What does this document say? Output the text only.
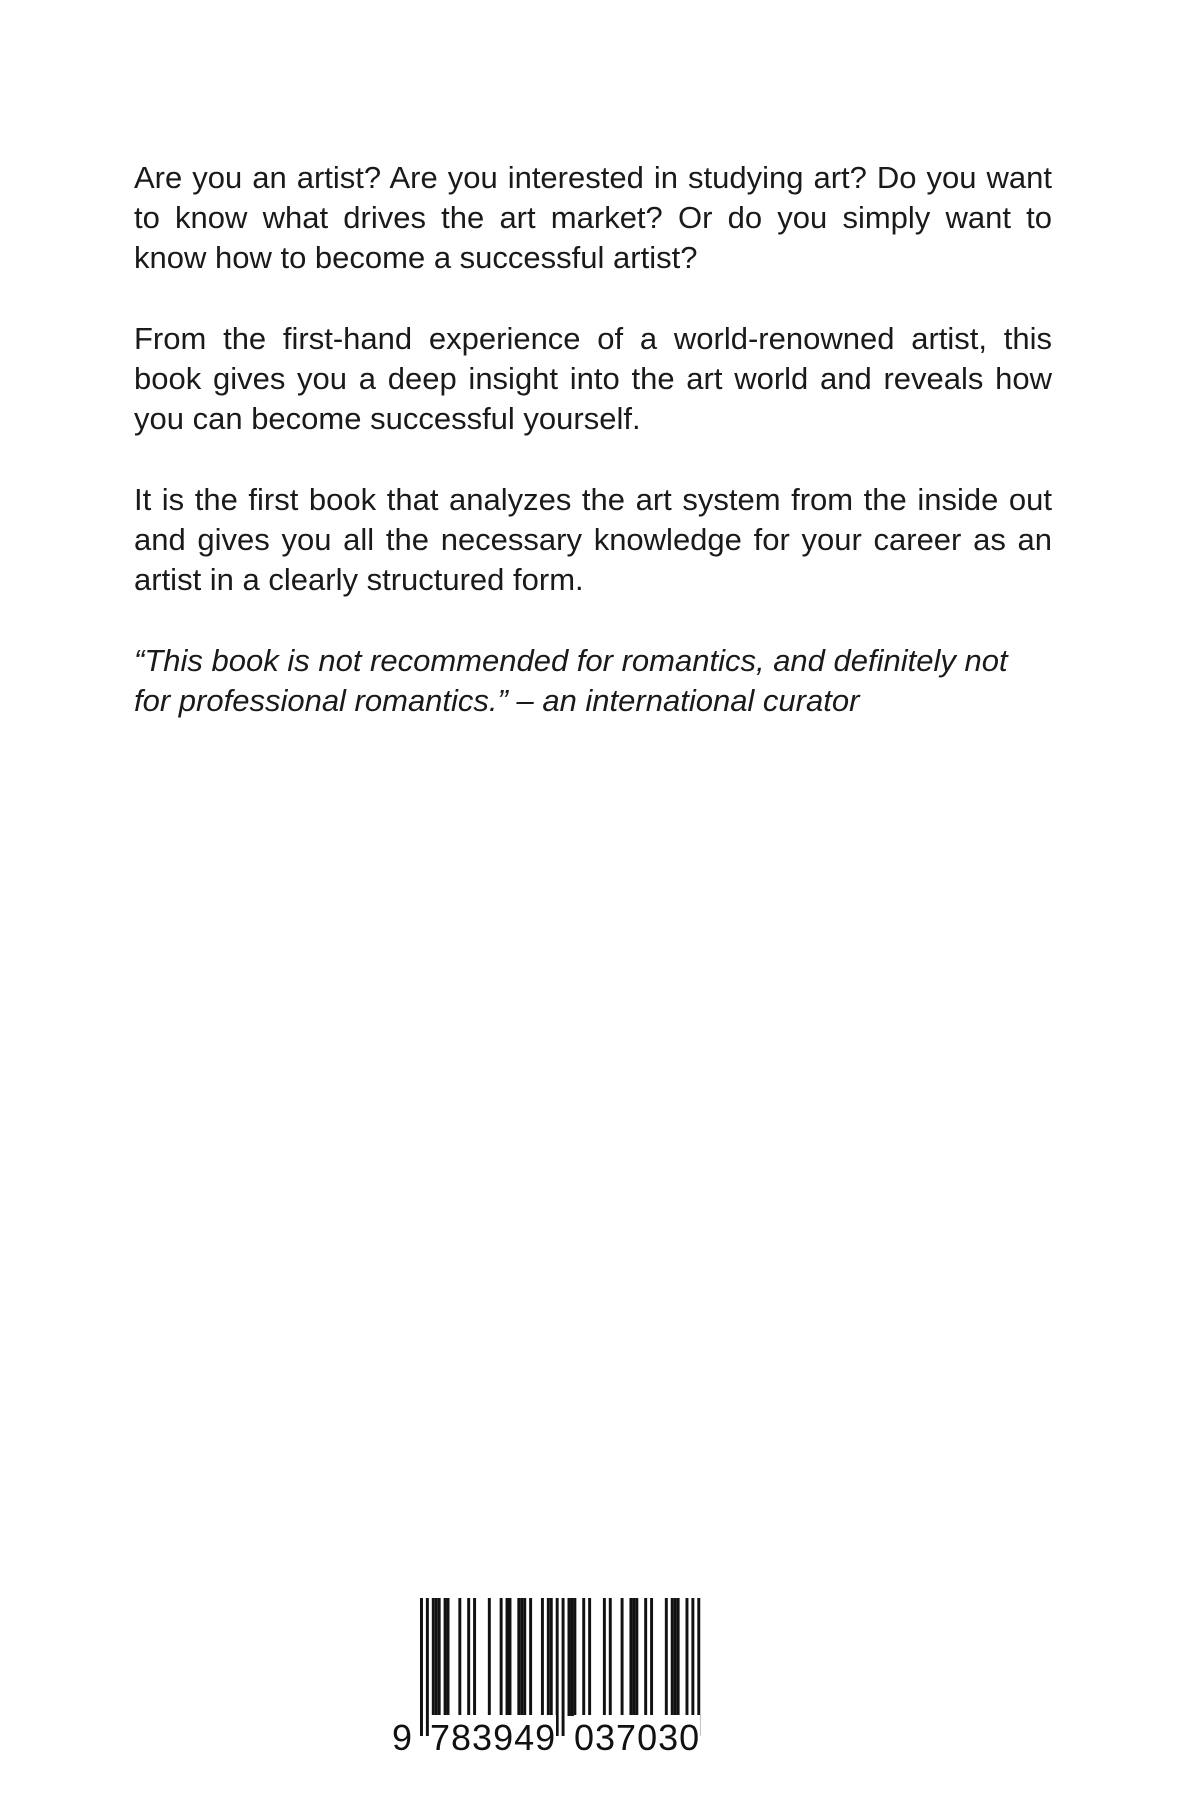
Are you an artist? Are you interested in studying art? Do you want to know what drives the art market? Or do you simply want to know how to become a successful artist?

From the first-hand experience of a world-renowned artist, this book gives you a deep insight into the art world and reveals how you can become successful yourself.

It is the first book that analyzes the art system from the inside out and gives you all the necessary knowledge for your career as an artist in a clearly structured form.

“This book is not recommended for romantics, and definitely not for professional romantics.” – an international curator

9 783949 037030
